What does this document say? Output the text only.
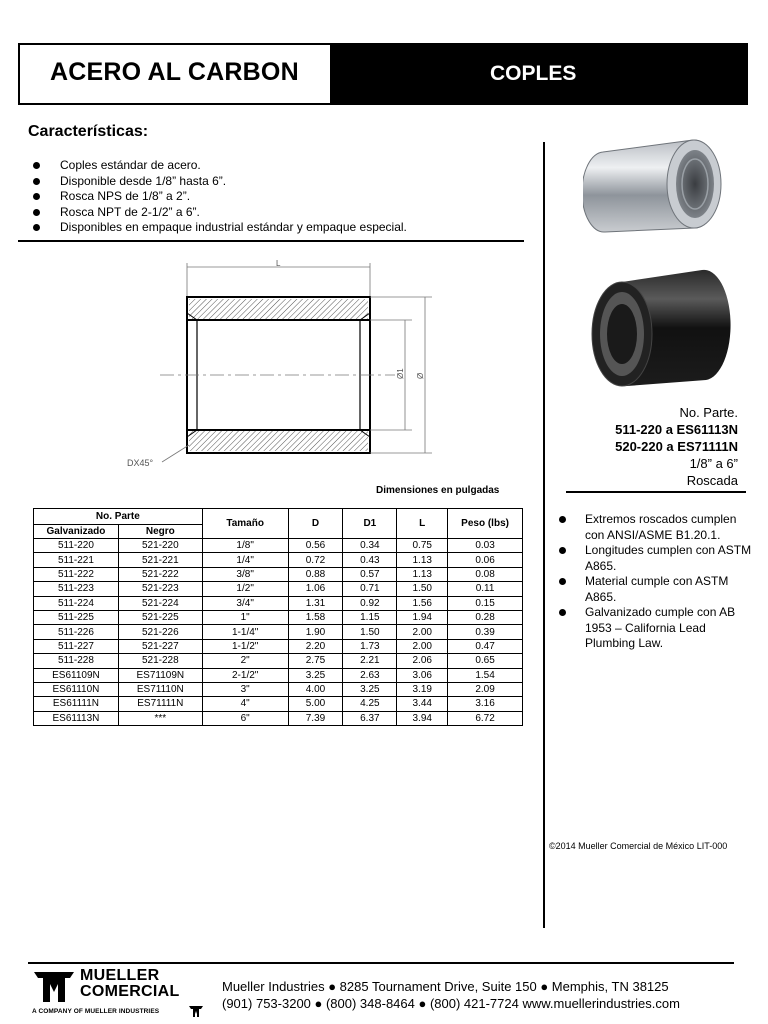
ACERO AL CARBON	COPLES
Características:
Coples estándar de acero.
Disponible desde 1/8” hasta 6”.
Rosca NPS de 1/8” a 2”.
Rosca NPT de 2-1/2” a 6”.
Disponibles en empaque industrial estándar y empaque especial.
L
Ø1 Ø
DX45°
Dimensiones en pulgadas
No. Parte		Tamaño	D	D1	L	Peso (lbs)
Galvanizado	Negro					
511-220	521-220	1/8"	0.56	0.34	0.75	0.03
511-221	521-221	1/4"	0.72	0.43	1.13	0.06
511-222	521-222	3/8"	0.88	0.57	1.13	0.08
511-223	521-223	1/2"	1.06	0.71	1.50	0.11
511-224	521-224	3/4"	1.31	0.92	1.56	0.15
511-225	521-225	1"	1.58	1.15	1.94	0.28
511-226	521-226	1-1/4"	1.90	1.50	2.00	0.39
511-227	521-227	1-1/2"	2.20	1.73	2.00	0.47
511-228	521-228	2"	2.75	2.21	2.06	0.65
ES61109N	ES71109N	2-1/2"	3.25	2.63	3.06	1.54
ES61110N	ES71110N	3"	4.00	3.25	3.19	2.09
ES61111N	ES71111N	4"	5.00	4.25	3.44	3.16
ES61113N	***	6"	7.39	6.37	3.94	6.72
No. Parte.
511-220 a ES61113N
520-220 a ES71111N
1/8” a 6”
Roscada
Extremos roscados cumplen con ANSI/ASME B1.20.1.
Longitudes cumplen con ASTM A865.
Material cumple con ASTM A865.
Galvanizado cumple con AB 1953 – California Lead Plumbing Law.
©2014 Mueller Comercial de México LIT-000
MUELLER
COMERCIAL
A COMPANY OF MUELLER INDUSTRIES
Mueller Industries ● 8285 Tournament Drive, Suite 150 ● Memphis, TN 38125
(901) 753-3200 ● (800) 348-8464 ● (800) 421-7724 www.muellerindustries.com
